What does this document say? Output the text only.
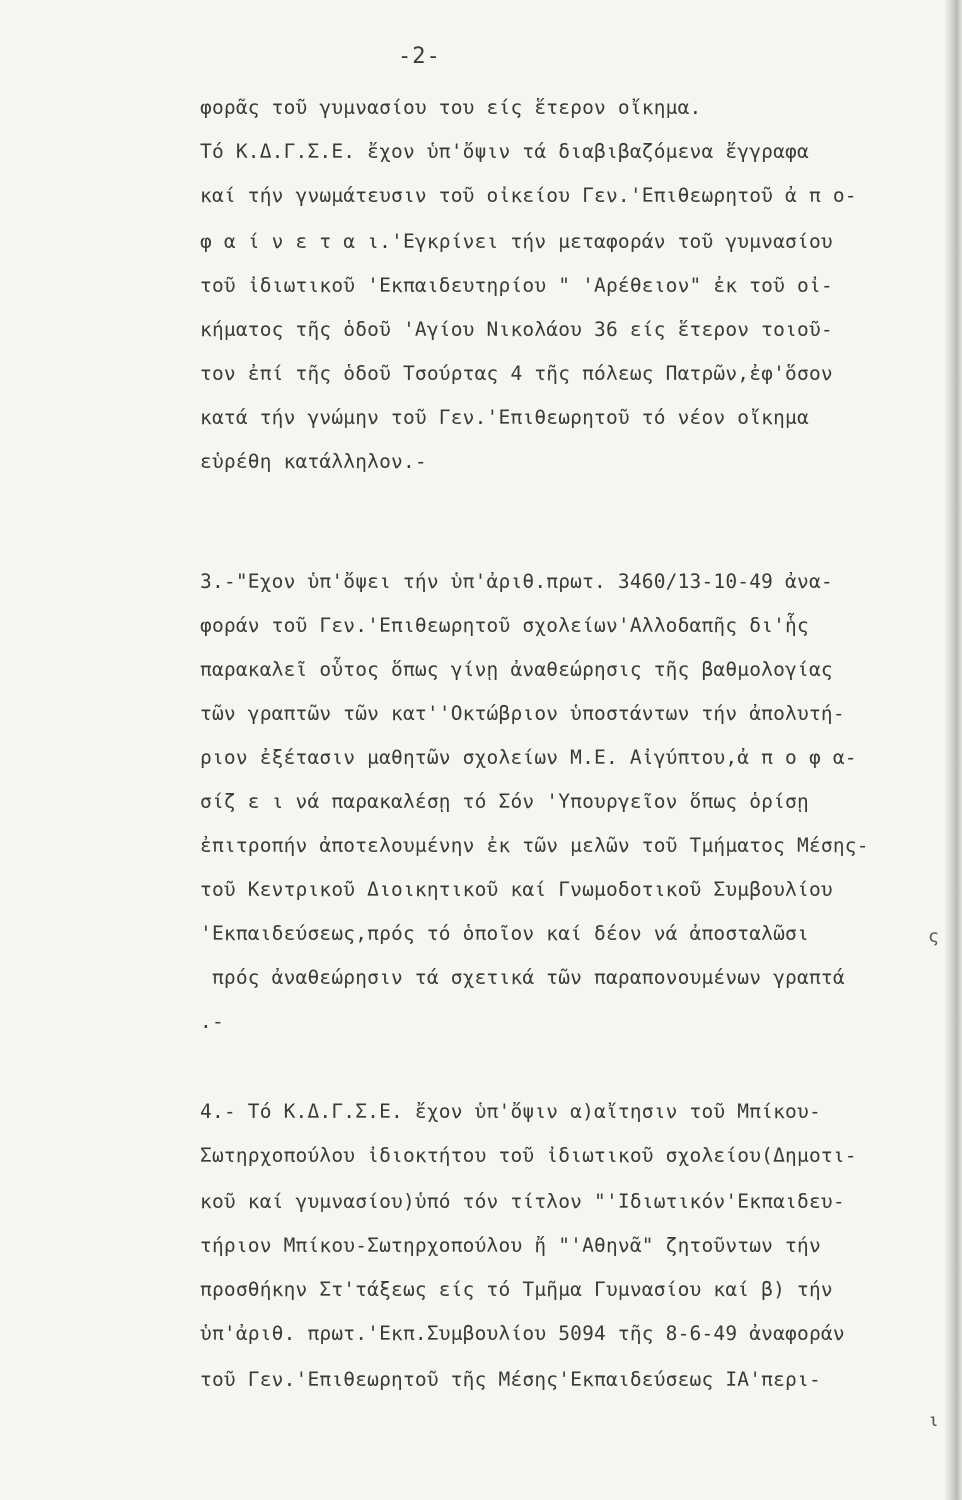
-2-
φορᾶς τοῦ γυμνασίου του είς ἕτερον οἴκημα.
Τό Κ.Δ.Γ.Σ.Ε. ἔχον ὑπ'ὄψιν τά διαβιβαζόμενα ἔγγραφα
καί τήν γνωμάτευσιν τοῦ οἰκείου Γεν.'Επιθεωρητοῦ ἀ π ο-
φ α ί ν ε τ α ι.'Εγκρίνει τήν μεταφοράν τοῦ γυμνασίου
τοῦ ἰδιωτικοῦ 'Εκπαιδευτηρίου " 'Αρέθειον" ἐκ τοῦ οἰ-
κήματος τῆς ὁδοῦ 'Αγίου Νικολάου 36 είς ἕτερον τοιοῦ-
τον ἐπί τῆς ὁδοῦ Τσούρτας 4 τῆς πόλεως Πατρῶν,ἐφ'ὅσον
κατά τήν γνώμην τοῦ Γεν.'Επιθεωρητοῦ τό νέον οἴκημα
εὑρέθη κατάλληλον.-
3.-"Εχον ὑπ'ὄψει τήν ὑπ'ἀριθ.πρωτ. 3460/13-10-49 ἀνα-
φοράν τοῦ Γεν.'Επιθεωρητοῦ σχολείων'Αλλοδαπῆς δι'ἧς
παρακαλεῖ οὗτος ὅπως γίνῃ ἀναθεώρησις τῆς βαθμολογίας
τῶν γραπτῶν τῶν κατ''Οκτώβριον ὑποστάντων τήν ἀπολυτή-
ριον ἐξέτασιν μαθητῶν σχολείων Μ.Ε. Αἰγύπτου,ἀ π ο φ α-
σίζ ε ι νά παρακαλέσῃ τό Σόν 'Υπουργεῖον ὅπως ὁρίσῃ
ἐπιτροπήν ἀποτελουμένην ἐκ τῶν μελῶν τοῦ Τμήματος Μέσης-
τοῦ Κεντρικοῦ Διοικητικοῦ καί Γνωμοδοτικοῦ Συμβουλίου
'Εκπαιδεύσεως,πρός τό ὁποῖον καί δέον νά ἀποσταλῶσι
πρός ἀναθεώρησιν τά σχετικά τῶν παραπονουμένων γραπτά
.-
4.- Τό Κ.Δ.Γ.Σ.Ε. ἔχον ὑπ'ὄψιν α)αἴτησιν τοῦ Μπίκου-
Σωτηρχοπούλου ἰδιοκτήτου τοῦ ἰδιωτικοῦ σχολείου(Δημοτι-
κοῦ καί γυμνασίου)ὑπό τόν τίτλον "'Ιδιωτικόν'Εκπαιδευ-
τήριον Μπίκου-Σωτηρχοπούλου ἤ "'Αθηνᾶ" ζητοῦντων τήν
προσθήκην Στ'τάξεως είς τό Τμῆμα Γυμνασίου καί β) τήν
ὑπ'ἀριθ. πρωτ.'Εκπ.Συμβουλίου 5094 τῆς 8-6-49 ἀναφοράν
τοῦ Γεν.'Επιθεωρητοῦ τῆς Μέσης'Εκπαιδεύσεως ΙΑ'περι-
ς
ι
